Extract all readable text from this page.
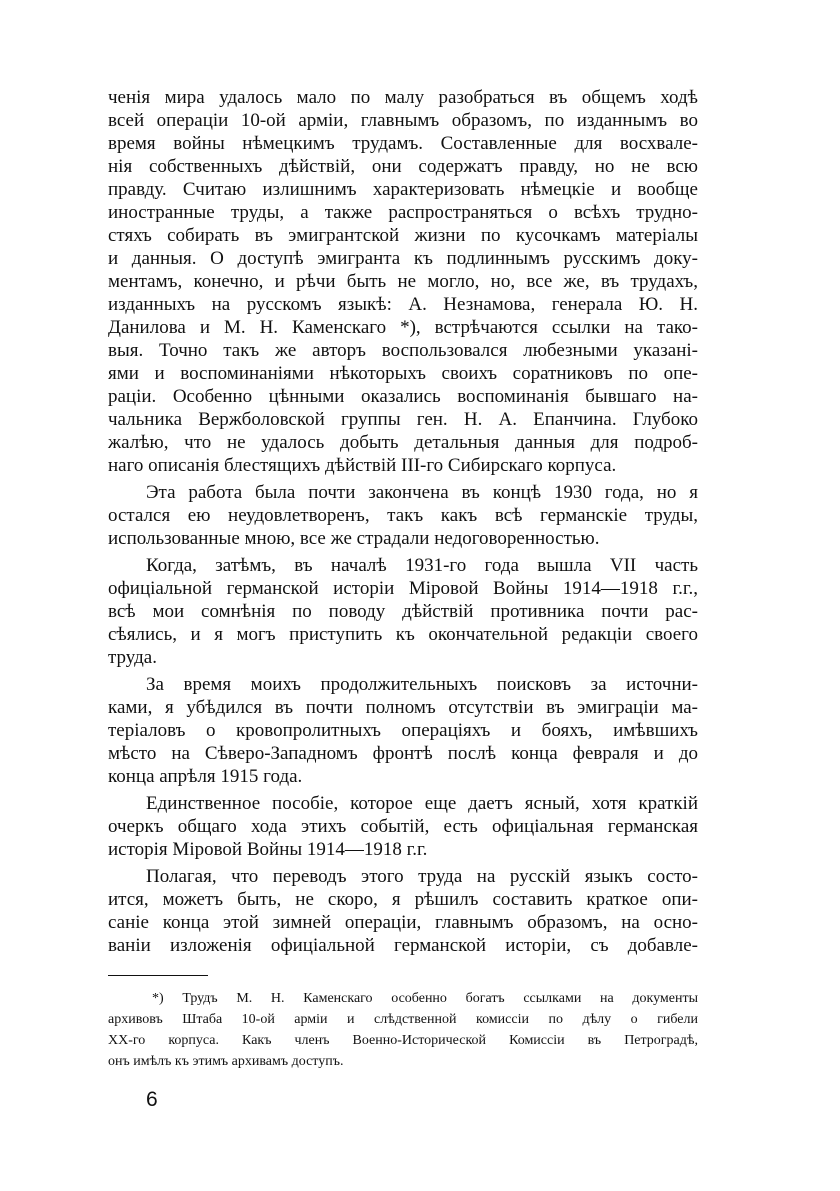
ченія мира удалось мало по малу разобраться въ общемъ ходѣ
всей операціи 10-ой арміи, главнымъ образомъ, по изданнымъ во
время войны нѣмецкимъ трудамъ. Составленные для восхвале-
нія собственныхъ дѣйствій, они содержатъ правду, но не всю
правду. Считаю излишнимъ характеризовать нѣмецкіе и вообще
иностранные труды, а также распространяться о всѣхъ трудно-
стяхъ собирать въ эмигрантской жизни по кусочкамъ матеріалы
и данныя. О доступѣ эмигранта къ подлиннымъ русскимъ доку-
ментамъ, конечно, и рѣчи быть не могло, но, все же, въ трудахъ,
изданныхъ на русскомъ языкѣ: А. Незнамова, генерала Ю. Н.
Данилова и М. Н. Каменскаго *), встрѣчаются ссылки на тако-
выя. Точно такъ же авторъ воспользовался любезными указані-
ями и воспоминаніями нѣкоторыхъ своихъ соратниковъ по опе-
раціи. Особенно цѣнными оказались воспоминанія бывшаго на-
чальника Вержболовской группы ген. Н. А. Епанчина. Глубоко
жалѣю, что не удалось добыть детальныя данныя для подроб-
наго описанія блестящихъ дѣйствій III-го Сибирскаго корпуса.
Эта работа была почти закончена въ концѣ 1930 года, но я
остался ею неудовлетворенъ, такъ какъ всѣ германскіе труды,
использованные мною, все же страдали недоговоренностью.
Когда, затѣмъ, въ началѣ 1931-го года вышла VII часть
офиціальной германской исторіи Міровой Войны 1914—1918 г.г.,
всѣ мои сомнѣнія по поводу дѣйствій противника почти рас-
сѣялись, и я могъ приступить къ окончательной редакціи своего
труда.
За время моихъ продолжительныхъ поисковъ за источни-
ками, я убѣдился въ почти полномъ отсутствіи въ эмиграціи ма-
теріаловъ о кровопролитныхъ операціяхъ и бояхъ, имѣвшихъ
мѣсто на Сѣверо-Западномъ фронтѣ послѣ конца февраля и до
конца апрѣля 1915 года.
Единственное пособіе, которое еще даетъ ясный, хотя краткій
очеркъ общаго хода этихъ событій, есть офиціальная германская
исторія Міровой Войны 1914—1918 г.г.
Полагая, что переводъ этого труда на русскій языкъ состо-
ится, можетъ быть, не скоро, я рѣшилъ составить краткое опи-
саніе конца этой зимней операціи, главнымъ образомъ, на осно-
ваніи изложенія офиціальной германской исторіи, съ добавле-
*) Трудъ М. Н. Каменскаго особенно богатъ ссылками на документы
архивовъ Штаба 10-ой арміи и слѣдственной комиссіи по дѣлу о гибели
XX-го корпуса. Какъ членъ Военно-Исторической Комиссіи въ Петроградѣ,
онъ имѣлъ къ этимъ архивамъ доступъ.
6
